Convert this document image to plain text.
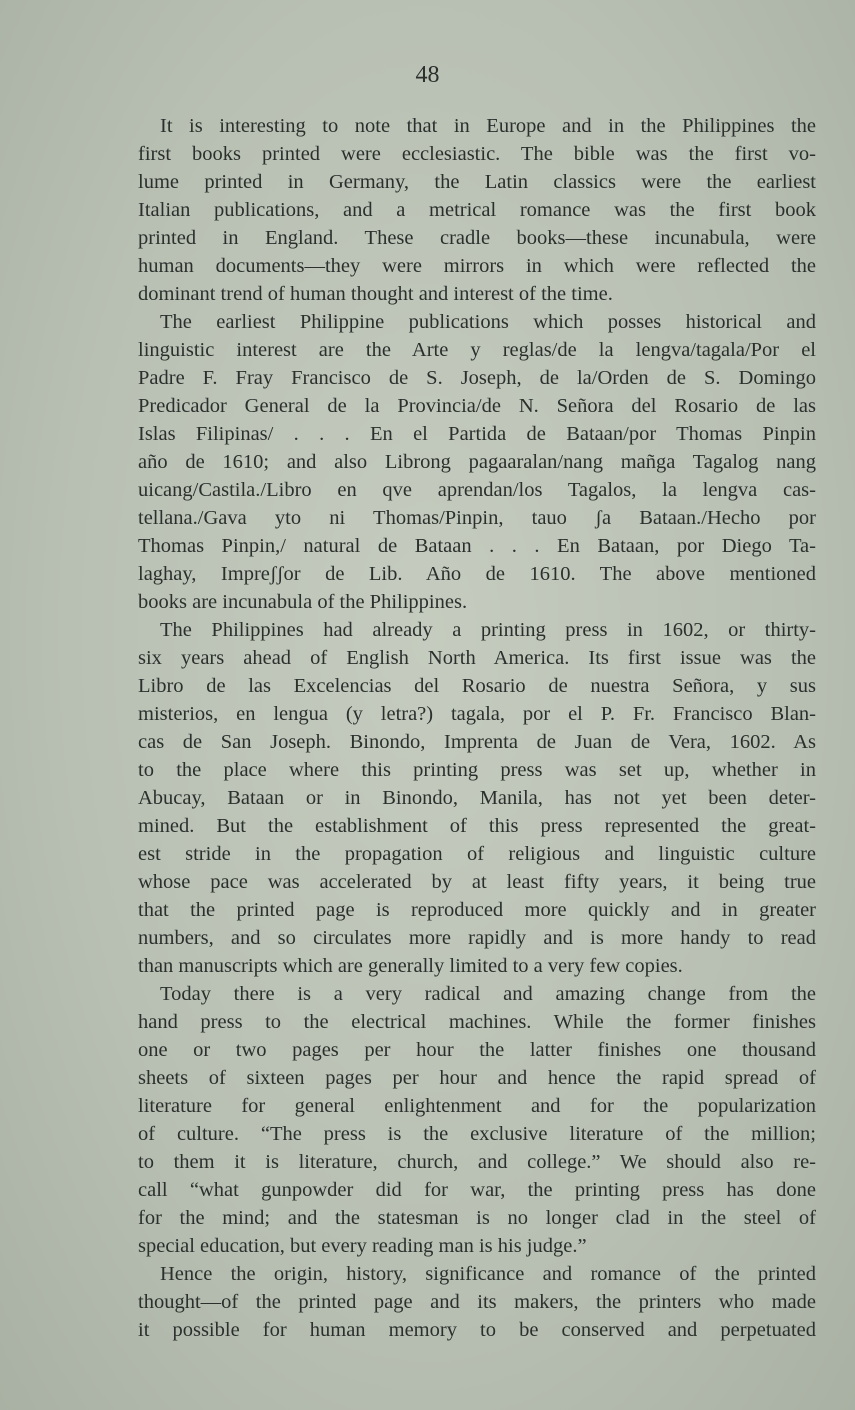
48
It is interesting to note that in Europe and in the Philippines the
first books printed were ecclesiastic. The bible was the first vo-
lume printed in Germany, the Latin classics were the earliest
Italian publications, and a metrical romance was the first book
printed in England. These cradle books—these incunabula, were
human documents—they were mirrors in which were reflected the
dominant trend of human thought and interest of the time.
The earliest Philippine publications which posses historical and
linguistic interest are the Arte y reglas/de la lengva/tagala/Por el
Padre F. Fray Francisco de S. Joseph, de la/Orden de S. Domingo
Predicador General de la Provincia/de N. Señora del Rosario de las
Islas Filipinas/ . . . En el Partida de Bataan/por Thomas Pinpin
año de 1610; and also Librong pagaaralan/nang mañga Tagalog nang
uicang/Castila./Libro en qve aprendan/los Tagalos, la lengva cas-
tellana./Gava yto ni Thomas/Pinpin, tauo ʃa Bataan./Hecho por
Thomas Pinpin,/ natural de Bataan . . . En Bataan, por Diego Ta-
laghay, Impreʃʃor de Lib. Año de 1610. The above mentioned
books are incunabula of the Philippines.
The Philippines had already a printing press in 1602, or thirty-
six years ahead of English North America. Its first issue was the
Libro de las Excelencias del Rosario de nuestra Señora, y sus
misterios, en lengua (y letra?) tagala, por el P. Fr. Francisco Blan-
cas de San Joseph. Binondo, Imprenta de Juan de Vera, 1602. As
to the place where this printing press was set up, whether in
Abucay, Bataan or in Binondo, Manila, has not yet been deter-
mined. But the establishment of this press represented the great-
est stride in the propagation of religious and linguistic culture
whose pace was accelerated by at least fifty years, it being true
that the printed page is reproduced more quickly and in greater
numbers, and so circulates more rapidly and is more handy to read
than manuscripts which are generally limited to a very few copies.
Today there is a very radical and amazing change from the
hand press to the electrical machines. While the former finishes
one or two pages per hour the latter finishes one thousand
sheets of sixteen pages per hour and hence the rapid spread of
literature for general enlightenment and for the popularization
of culture. “The press is the exclusive literature of the million;
to them it is literature, church, and college.” We should also re-
call “what gunpowder did for war, the printing press has done
for the mind; and the statesman is no longer clad in the steel of
special education, but every reading man is his judge.”
Hence the origin, history, significance and romance of the printed
thought—of the printed page and its makers, the printers who made
it possible for human memory to be conserved and perpetuated
